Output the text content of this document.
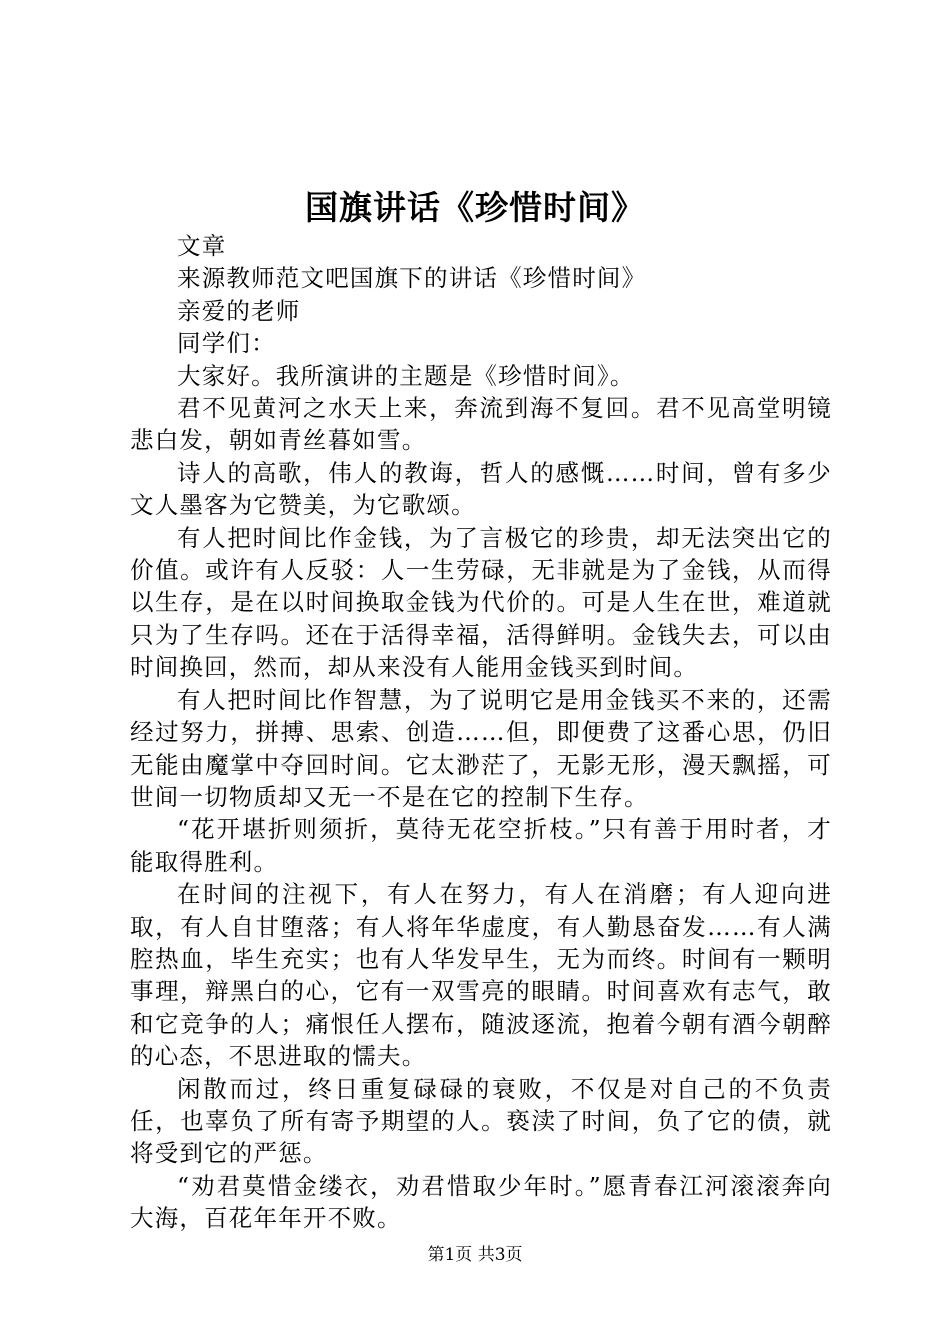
国旗讲话《珍惜时间》

文章

来源教师范文吧国旗下的讲话《珍惜时间》

亲爱的老师

同学们：

大家好。我所演讲的主题是《珍惜时间》。

君不见黄河之水天上来，奔流到海不复回。君不见高堂明镜悲白发，朝如青丝暮如雪。

诗人的高歌，伟人的教诲，哲人的感慨……时间，曾有多少文人墨客为它赞美，为它歌颂。

有人把时间比作金钱，为了言极它的珍贵，却无法突出它的价值。或许有人反驳：人一生劳碌，无非就是为了金钱，从而得以生存，是在以时间换取金钱为代价的。可是人生在世，难道就只为了生存吗。还在于活得幸福，活得鲜明。金钱失去，可以由时间换回，然而，却从来没有人能用金钱买到时间。

有人把时间比作智慧，为了说明它是用金钱买不来的，还需经过努力，拼搏、思索、创造……但，即便费了这番心思，仍旧无能由魔掌中夺回时间。它太渺茫了，无影无形，漫天飘摇，可世间一切物质却又无一不是在它的控制下生存。

“花开堪折则须折，莫待无花空折枝。”只有善于用时者，才能取得胜利。

在时间的注视下，有人在努力，有人在消磨；有人迎向进取，有人自甘堕落；有人将年华虚度，有人勤恳奋发……有人满腔热血，毕生充实；也有人华发早生，无为而终。时间有一颗明事理，辩黑白的心，它有一双雪亮的眼睛。时间喜欢有志气，敢和它竞争的人；痛恨任人摆布，随波逐流，抱着今朝有酒今朝醉的心态，不思进取的懦夫。

闲散而过，终日重复碌碌的衰败，不仅是对自己的不负责任，也辜负了所有寄予期望的人。亵渎了时间，负了它的债，就将受到它的严惩。

“劝君莫惜金缕衣，劝君惜取少年时。”愿青春江河滚滚奔向大海，百花年年开不败。

第1页 共3页
